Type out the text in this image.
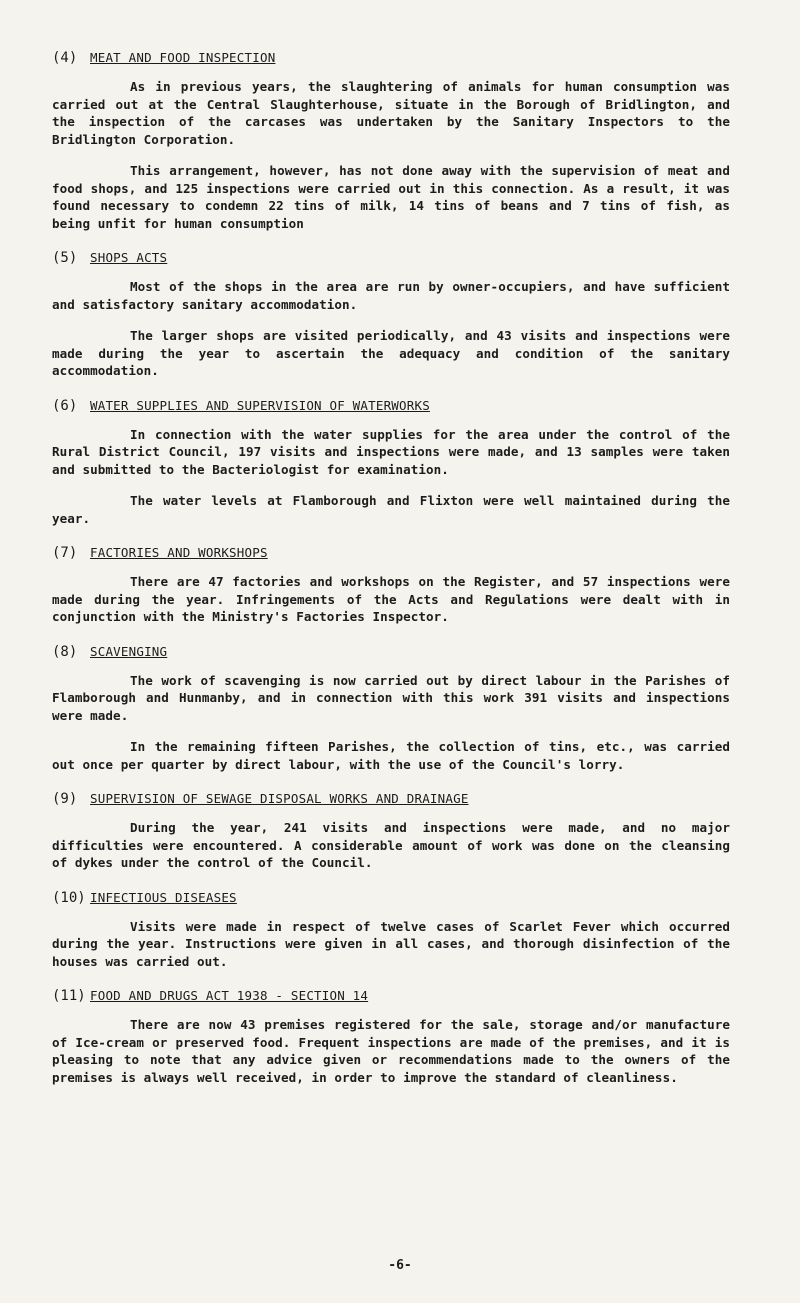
(4)	MEAT AND FOOD INSPECTION

As in previous years, the slaughtering of animals for human consumption was carried out at the Central Slaughterhouse, situate in the Borough of Bridlington, and the inspection of the carcases was undertaken by the Sanitary Inspectors to the Bridlington Corporation.

This arrangement, however, has not done away with the supervision of meat and food shops, and 125 inspections were carried out in this connection. As a result, it was found necessary to condemn 22 tins of milk, 14 tins of beans and 7 tins of fish, as being unfit for human consumption

(5)	SHOPS ACTS

Most of the shops in the area are run by owner-occupiers, and have sufficient and satisfactory sanitary accommodation.

The larger shops are visited periodically, and 43 visits and inspections were made during the year to ascertain the adequacy and condition of the sanitary accommodation.

(6)	WATER SUPPLIES AND SUPERVISION OF WATERWORKS

In connection with the water supplies for the area under the control of the Rural District Council, 197 visits and inspections were made, and 13 samples were taken and submitted to the Bacteriologist for examination.

The water levels at Flamborough and Flixton were well maintained during the year.

(7)	FACTORIES AND WORKSHOPS

There are 47 factories and workshops on the Register, and 57 inspections were made during the year. Infringements of the Acts and Regulations were dealt with in conjunction with the Ministry's Factories Inspector.

(8)	SCAVENGING

The work of scavenging is now carried out by direct labour in the Parishes of Flamborough and Hunmanby, and in connection with this work 391 visits and inspections were made.

In the remaining fifteen Parishes, the collection of tins, etc., was carried out once per quarter by direct labour, with the use of the Council's lorry.

(9)	SUPERVISION OF SEWAGE DISPOSAL WORKS AND DRAINAGE

During the year, 241 visits and inspections were made, and no major difficulties were encountered. A considerable amount of work was done on the cleansing of dykes under the control of the Council.

(10) INFECTIOUS DISEASES

Visits were made in respect of twelve cases of Scarlet Fever which occurred during the year. Instructions were given in all cases, and thorough disinfection of the houses was carried out.

(11) FOOD AND DRUGS ACT 1938 - SECTION 14

There are now 43 premises registered for the sale, storage and/or manufacture of Ice-cream or preserved food. Frequent inspections are made of the premises, and it is pleasing to note that any advice given or recommendations made to the owners of the premises is always well received, in order to improve the standard of cleanliness.

-6-
